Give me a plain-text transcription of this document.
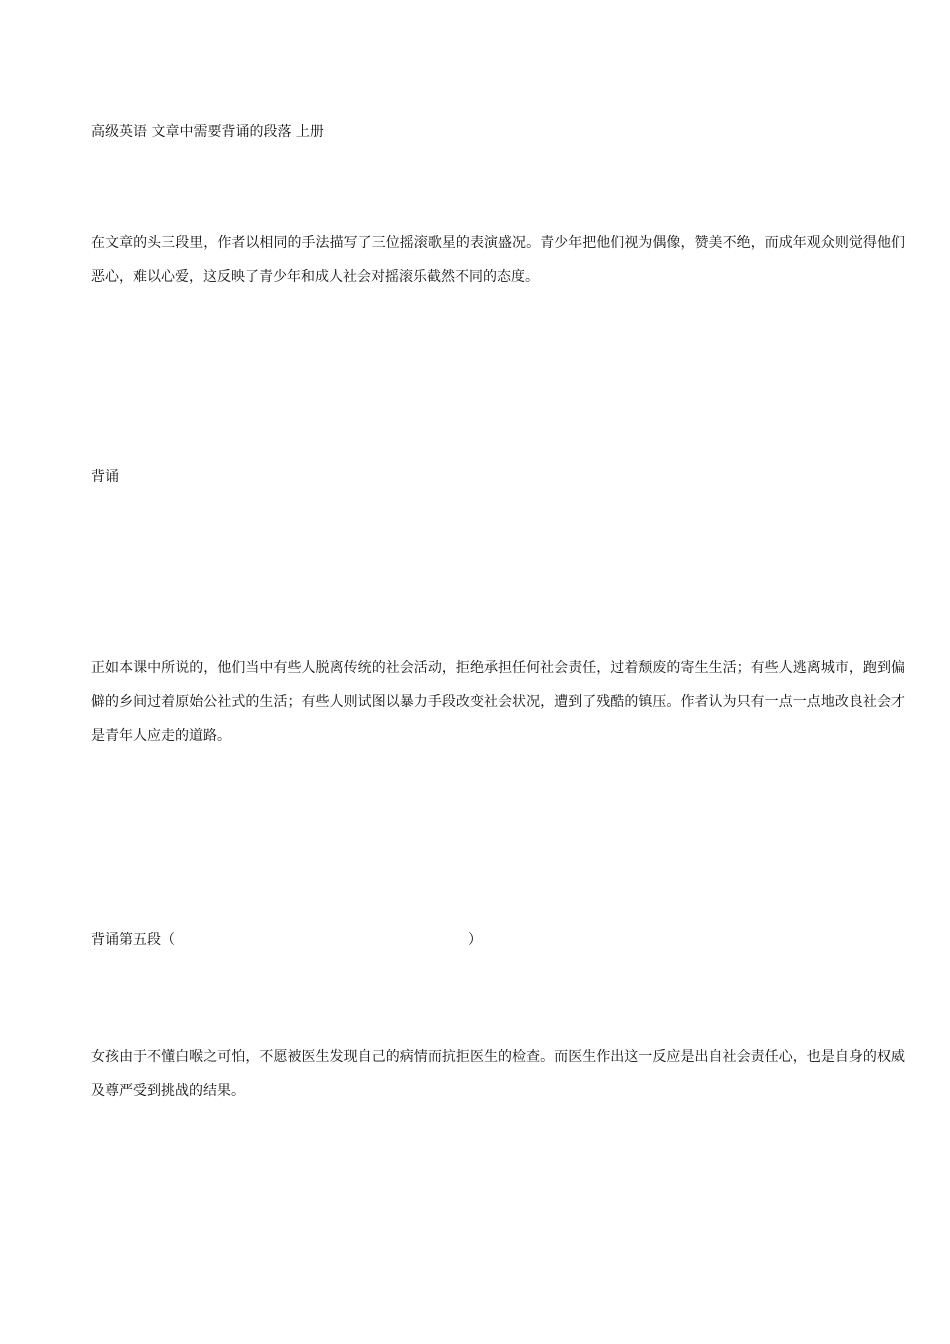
高级英语 文章中需要背诵的段落 上册
在文章的头三段里，作者以相同的手法描写了三位摇滚歌星的表演盛况。青少年把他们视为偶像，赞美不绝，而成年观众则觉得他们恶心，难以心爱，这反映了青少年和成人社会对摇滚乐截然不同的态度。
背诵
正如本课中所说的，他们当中有些人脱离传统的社会活动，拒绝承担任何社会责任，过着颓废的寄生生活；有些人逃离城市，跑到偏僻的乡间过着原始公社式的生活；有些人则试图以暴力手段改变社会状况，遭到了残酷的镇压。作者认为只有一点一点地改良社会才是青年人应走的道路。
背诵第五段（	）
女孩由于不懂白喉之可怕，不愿被医生发现自己的病情而抗拒医生的检查。而医生作出这一反应是出自社会责任心，也是自身的权威及尊严受到挑战的结果。
